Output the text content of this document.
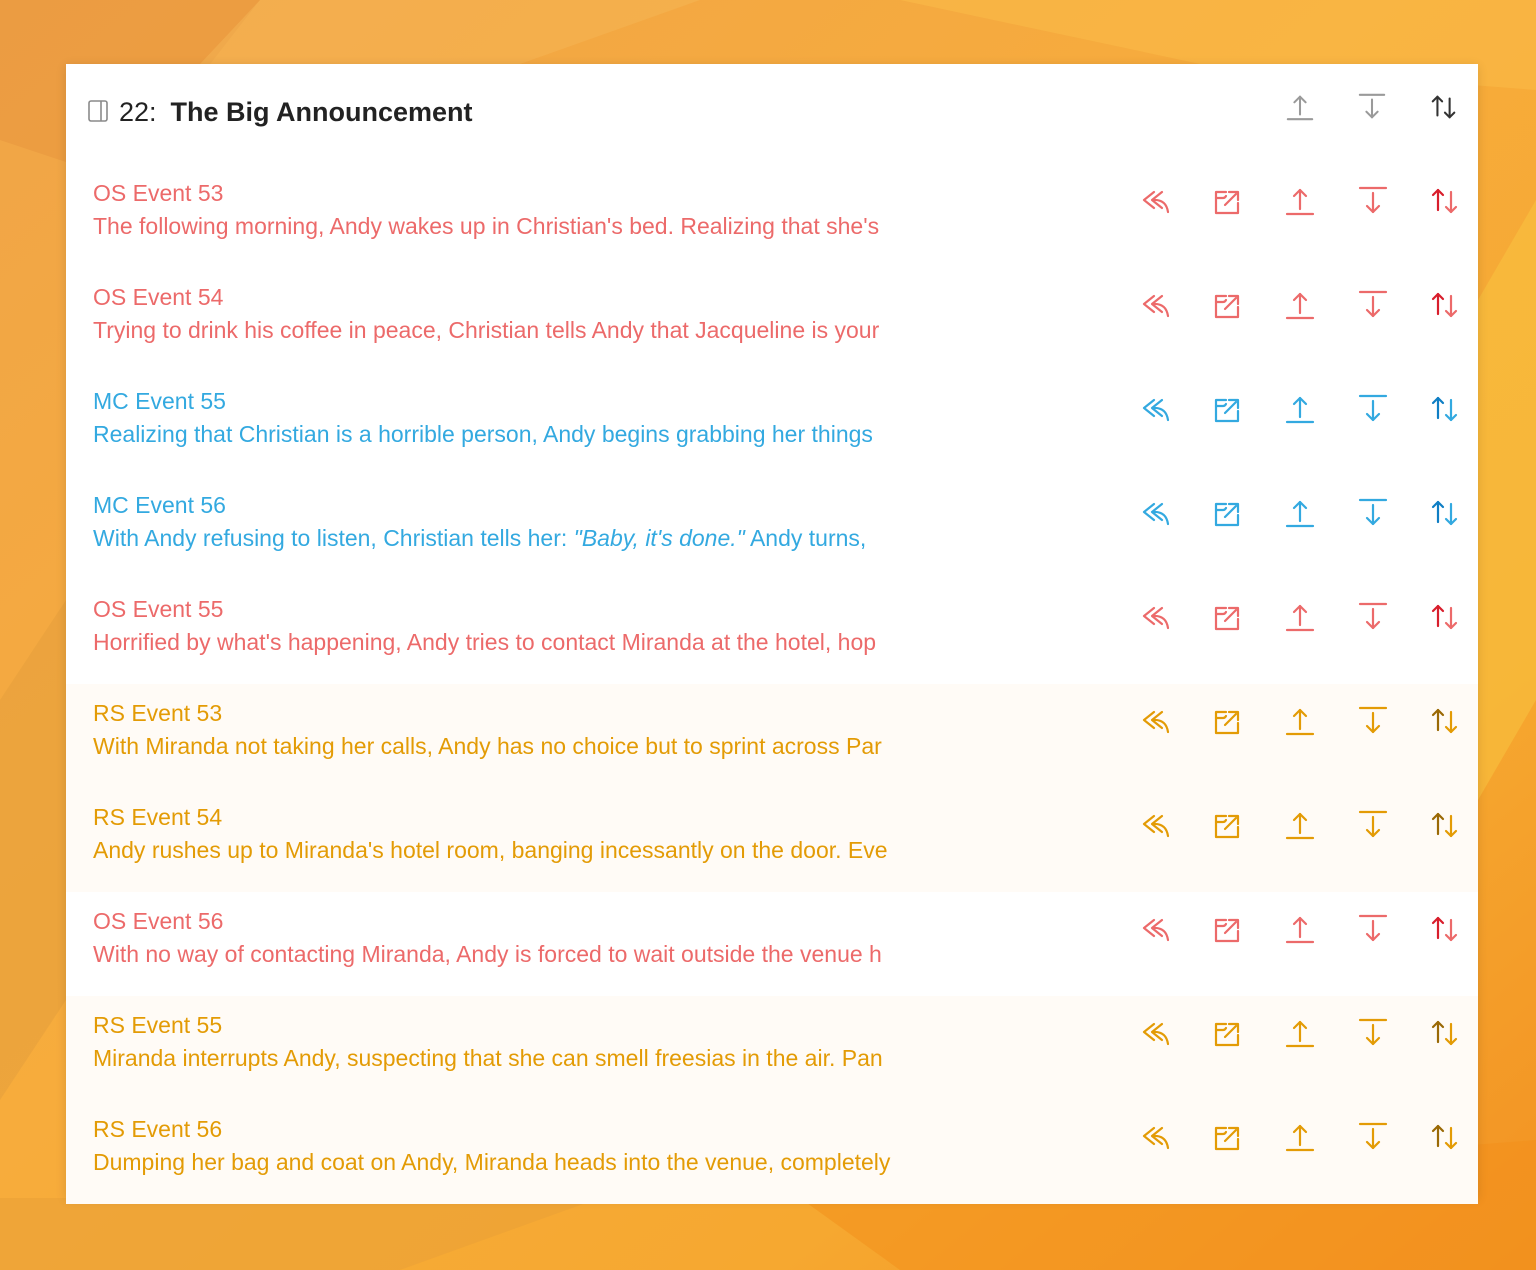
22: The Big Announcement
OS Event 53
The following morning, Andy wakes up in Christian's bed. Realizing that she's
OS Event 54
Trying to drink his coffee in peace, Christian tells Andy that Jacqueline is your
MC Event 55
Realizing that Christian is a horrible person, Andy begins grabbing her things
MC Event 56
With Andy refusing to listen, Christian tells her: "Baby, it's done." Andy turns,
OS Event 55
Horrified by what's happening, Andy tries to contact Miranda at the hotel, hop
RS Event 53
With Miranda not taking her calls, Andy has no choice but to sprint across Par
RS Event 54
Andy rushes up to Miranda's hotel room, banging incessantly on the door. Eve
OS Event 56
With no way of contacting Miranda, Andy is forced to wait outside the venue h
RS Event 55
Miranda interrupts Andy, suspecting that she can smell freesias in the air. Pan
RS Event 56
Dumping her bag and coat on Andy, Miranda heads into the venue, completely
